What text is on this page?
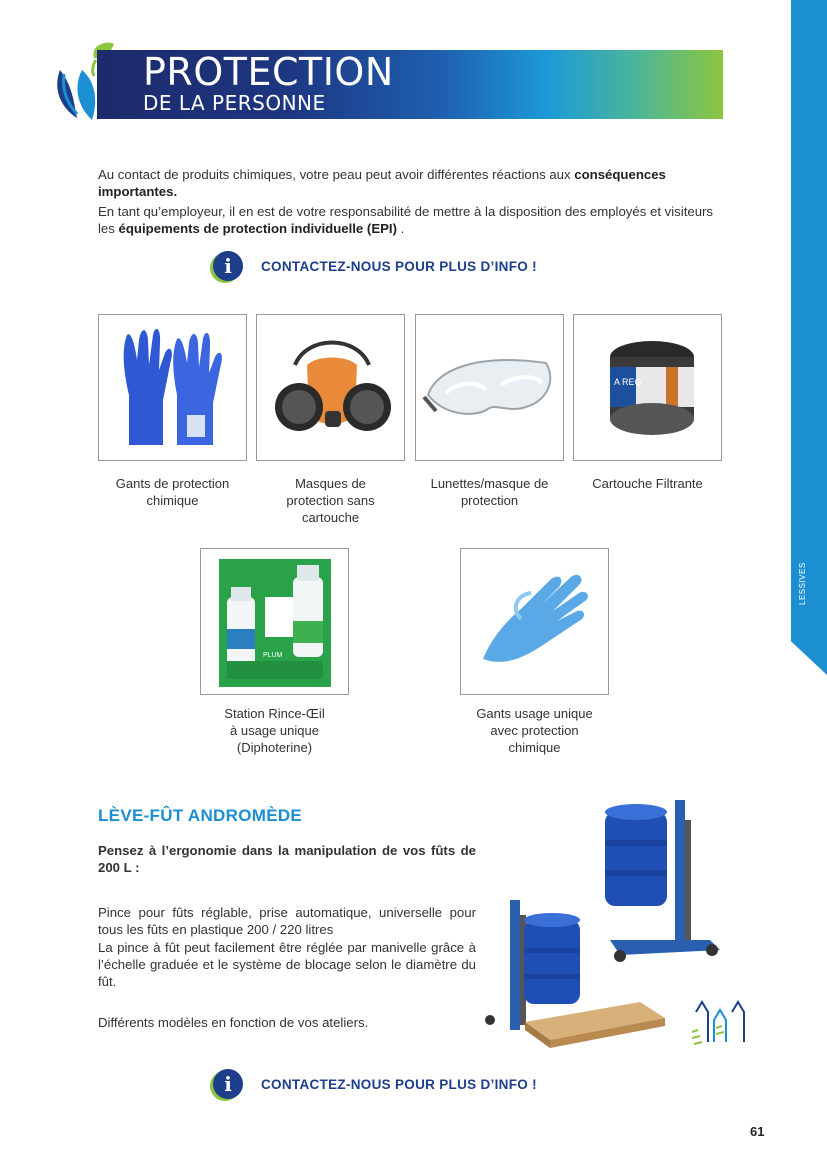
PROTECTION
DE LA PERSONNE
LESSIVES

Au contact de produits chimiques, votre peau peut avoir différentes réactions aux conséquences importantes.

En tant qu’employeur, il en est de votre responsabilité de mettre à la disposition des employés et visiteurs les équipements de protection individuelle (EPI) .

i	CONTACTEZ-NOUS POUR PLUS D’INFO !
A REG
Gants de protection
chimique
Masques de
protection sans
cartouche
Lunettes/masque de
protection
Cartouche Filtrante
PLUM
Station Rince-Œil
à usage unique
(Diphoterine)
Gants usage unique
avec protection
chimique
LÈVE-FÛT ANDROMÈDE
Pensez à l’ergonomie dans la manipulation de vos fûts de 200 L :
Pince pour fûts réglable, prise automatique, universelle pour tous les fûts en plastique 200 / 220 litres
La pince à fût peut facilement être réglée par manivelle grâce à l’échelle graduée et le système de blocage selon le diamètre du fût.
Différents modèles en fonction de vos ateliers.
i	CONTACTEZ-NOUS POUR PLUS D’INFO !
61
